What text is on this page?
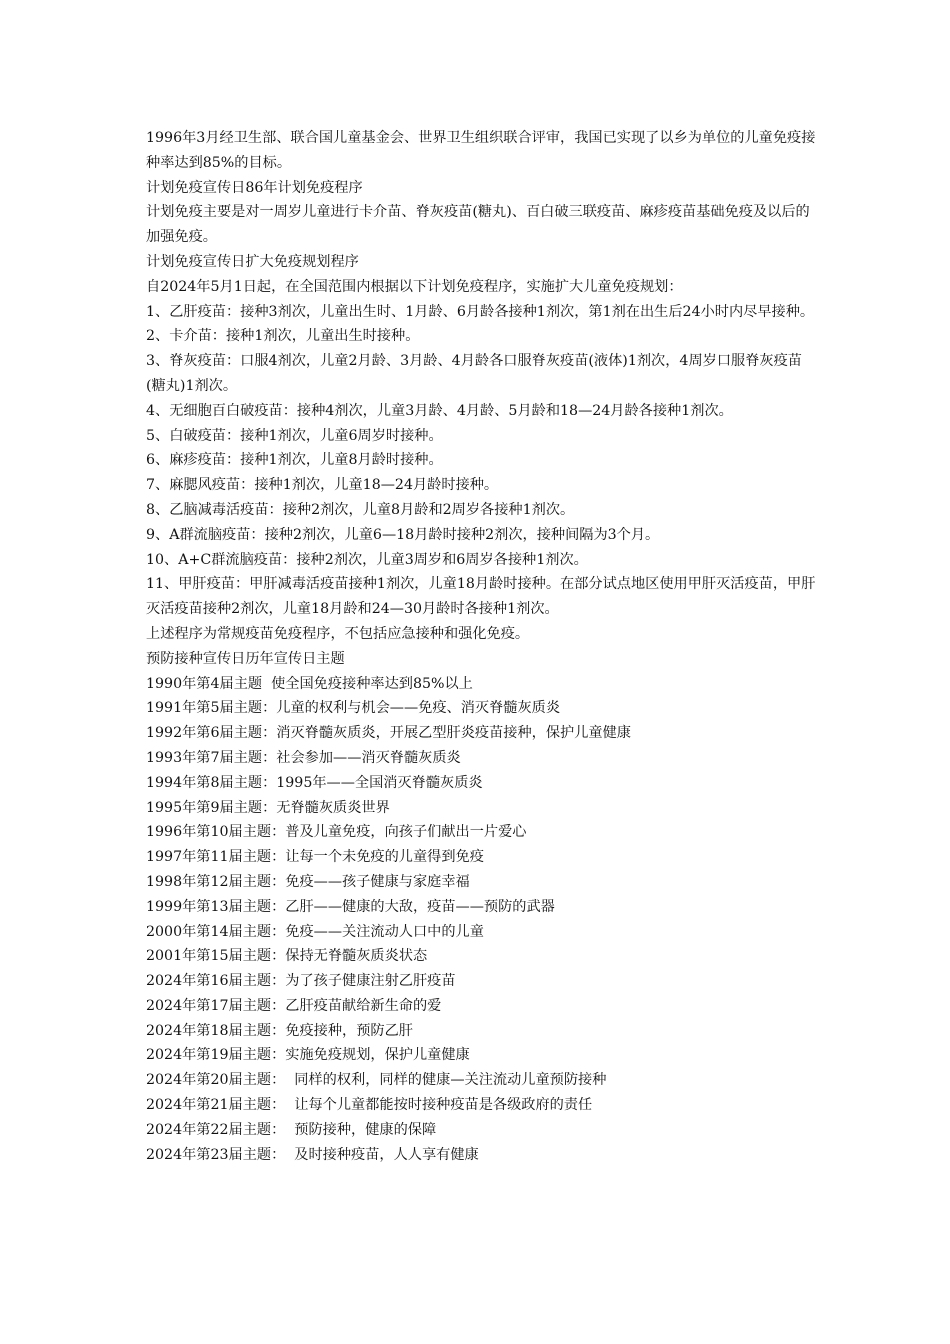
1996年3月经卫生部、联合国儿童基金会、世界卫生组织联合评审，我国已实现了以乡为单位的儿童免疫接种率达到85%的目标。

计划免疫宣传日86年计划免疫程序

计划免疫主要是对一周岁儿童进行卡介苗、脊灰疫苗(糖丸)、百白破三联疫苗、麻疹疫苗基础免疫及以后的加强免疫。

计划免疫宣传日扩大免疫规划程序

自2024年5月1日起，在全国范围内根据以下计划免疫程序，实施扩大儿童免疫规划：

1、乙肝疫苗：接种3剂次，儿童出生时、1月龄、6月龄各接种1剂次，第1剂在出生后24小时内尽早接种。

2、卡介苗：接种1剂次，儿童出生时接种。

3、脊灰疫苗：口服4剂次，儿童2月龄、3月龄、4月龄各口服脊灰疫苗(液体)1剂次，4周岁口服脊灰疫苗(糖丸)1剂次。

4、无细胞百白破疫苗：接种4剂次，儿童3月龄、4月龄、5月龄和18—24月龄各接种1剂次。

5、白破疫苗：接种1剂次，儿童6周岁时接种。

6、麻疹疫苗：接种1剂次，儿童8月龄时接种。

7、麻腮风疫苗：接种1剂次，儿童18—24月龄时接种。

8、乙脑减毒活疫苗：接种2剂次，儿童8月龄和2周岁各接种1剂次。

9、A群流脑疫苗：接种2剂次，儿童6—18月龄时接种2剂次，接种间隔为3个月。

10、A+C群流脑疫苗：接种2剂次，儿童3周岁和6周岁各接种1剂次。

11、甲肝疫苗：甲肝减毒活疫苗接种1剂次，儿童18月龄时接种。在部分试点地区使用甲肝灭活疫苗，甲肝灭活疫苗接种2剂次，儿童18月龄和24—30月龄时各接种1剂次。

上述程序为常规疫苗免疫程序，不包括应急接种和强化免疫。

预防接种宣传日历年宣传日主题

1990年第4届主题  使全国免疫接种率达到85%以上

1991年第5届主题：儿童的权利与机会——免疫、消灭脊髓灰质炎

1992年第6届主题：消灭脊髓灰质炎，开展乙型肝炎疫苗接种，保护儿童健康

1993年第7届主题：社会参加——消灭脊髓灰质炎

1994年第8届主题：1995年——全国消灭脊髓灰质炎

1995年第9届主题：无脊髓灰质炎世界

1996年第10届主题：普及儿童免疫，向孩子们献出一片爱心

1997年第11届主题：让每一个未免疫的儿童得到免疫

1998年第12届主题：免疫——孩子健康与家庭幸福

1999年第13届主题：乙肝——健康的大敌，疫苗——预防的武器

2000年第14届主题：免疫——关注流动人口中的儿童

2001年第15届主题：保持无脊髓灰质炎状态

2024年第16届主题：为了孩子健康注射乙肝疫苗

2024年第17届主题：乙肝疫苗献给新生命的爱

2024年第18届主题：免疫接种，预防乙肝

2024年第19届主题：实施免疫规划，保护儿童健康

2024年第20届主题：  同样的权利，同样的健康—关注流动儿童预防接种

2024年第21届主题：  让每个儿童都能按时接种疫苗是各级政府的责任

2024年第22届主题：  预防接种，健康的保障

2024年第23届主题：  及时接种疫苗，人人享有健康
